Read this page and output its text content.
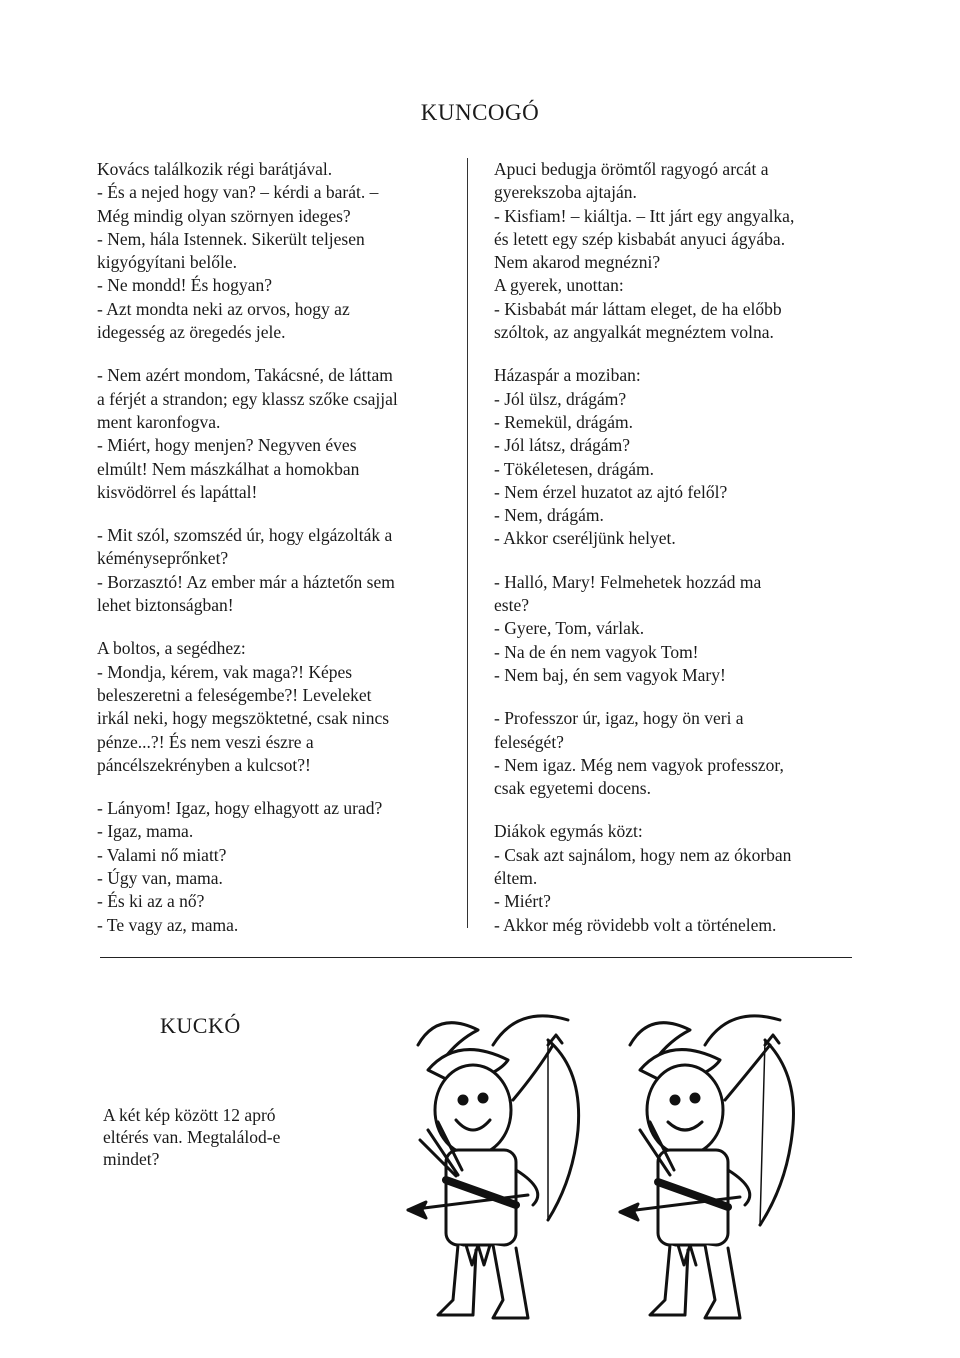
KUNCOGÓ
Kovács találkozik régi barátjával.
- És a nejed hogy van? – kérdi a barát. –
Még mindig olyan szörnyen ideges?
- Nem, hála Istennek. Sikerült teljesen
kigyógyítani belőle.
- Ne mondd! És hogyan?
- Azt mondta neki az orvos, hogy az
idegesség az öregedés jele.
- Nem azért mondom, Takácsné, de láttam
a férjét a strandon; egy klassz szőke csajjal
ment karonfogva.
- Miért, hogy menjen? Negyven éves
elmúlt! Nem mászkálhat a homokban
kisvödörrel és lapáttal!
- Mit szól, szomszéd úr, hogy elgázolták a
kéményseprőnket?
- Borzasztó! Az ember már a háztetőn sem
lehet biztonságban!
A boltos, a segédhez:
- Mondja, kérem, vak maga?! Képes
beleszeretni a feleségembe?! Leveleket
irkál neki, hogy megszöktetné, csak nincs
pénze...?! És nem veszi észre a
páncélszekrényben a kulcsot?!
- Lányom! Igaz, hogy elhagyott az urad?
- Igaz, mama.
- Valami nő miatt?
- Úgy van, mama.
- És ki az a nő?
- Te vagy az, mama.
Apuci bedugja örömtől ragyogó arcát a
gyerekszoba ajtaján.
- Kisfiam! – kiáltja. – Itt járt egy angyalka,
és letett egy szép kisbabát anyuci ágyába.
Nem akarod megnézni?
A gyerek, unottan:
- Kisbabát már láttam eleget, de ha előbb
szóltok, az angyalkát megnéztem volna.
Házaspár a moziban:
- Jól ülsz, drágám?
- Remekül, drágám.
- Jól látsz, drágám?
- Tökéletesen, drágám.
- Nem érzel huzatot az ajtó felől?
- Nem, drágám.
- Akkor cseréljünk helyet.
- Halló, Mary! Felmehetek hozzád ma
este?
- Gyere, Tom, várlak.
- Na de én nem vagyok Tom!
- Nem baj, én sem vagyok Mary!
- Professzor úr, igaz, hogy ön veri a
feleségét?
- Nem igaz. Még nem vagyok professzor,
csak egyetemi docens.
Diákok egymás közt:
- Csak azt sajnálom, hogy nem az ókorban
éltem.
- Miért?
- Akkor még rövidebb volt a történelem.
KUCKÓ
A két kép között 12 apró
eltérés van. Megtalálod-e
mindet?
